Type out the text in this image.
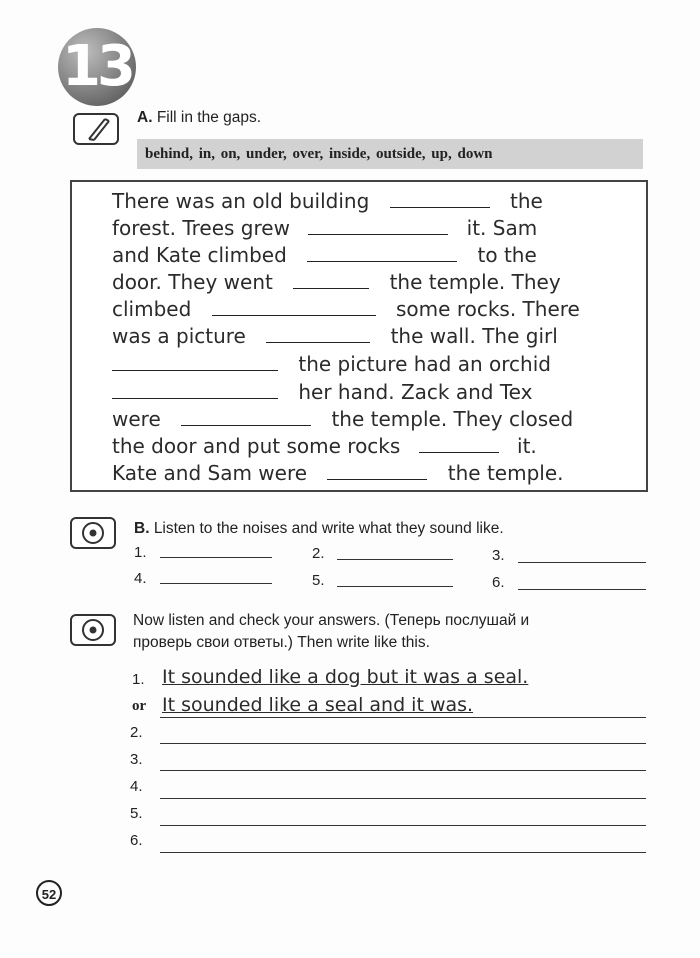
13
A. Fill in the gaps.
behind, in, on, under, over, inside, outside, up, down
There was an old building	the
forest. Trees grew	it. Sam
and Kate climbed	to the
door. They went	the temple. They
climbed	some rocks. There
was a picture	the wall. The girl
the picture had an orchid
her hand. Zack and Tex
were	the temple. They closed
the door and put some rocks	it.
Kate and Sam were	the temple.
B. Listen to the noises and write what they sound like.
1.	2.	3.
4.	5.	6.
Now listen and check your answers. (Теперь послушай и
проверь свои ответы.) Then write like this.
1. It sounded like a dog but it was a seal.
or It sounded like a seal and it was.
2.
3.
4.
5.
6.
52
